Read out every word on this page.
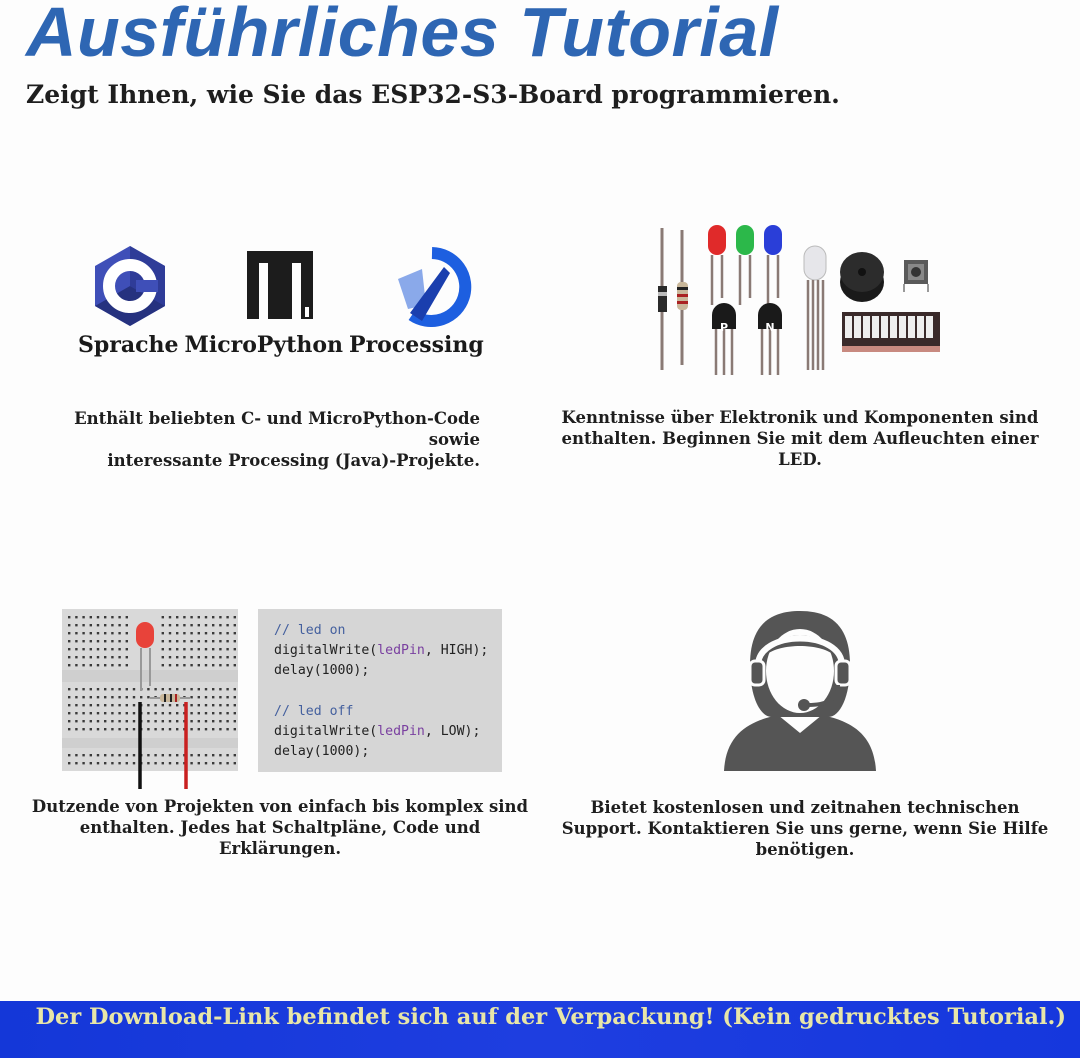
Ausführliches Tutorial
Zeigt Ihnen, wie Sie das ESP32-S3-Board programmieren.
Sprache MicroPython Processing
Enthält beliebten C- und MicroPython-Code sowie
interessante Processing (Java)-Projekte.
P	N
Kenntnisse über Elektronik und Komponenten sind
enthalten. Beginnen Sie mit dem Aufleuchten einer LED.
// led on
digitalWrite(ledPin, HIGH);
delay(1000);
// led off
digitalWrite(ledPin, LOW);
delay(1000);
Dutzende von Projekten von einfach bis komplex sind
enthalten. Jedes hat Schaltpläne, Code und Erklärungen.
Bietet kostenlosen und zeitnahen technischen
Support. Kontaktieren Sie uns gerne, wenn Sie Hilfe
benötigen.
Der Download-Link befindet sich auf der Verpackung! (Kein gedrucktes Tutorial.)
